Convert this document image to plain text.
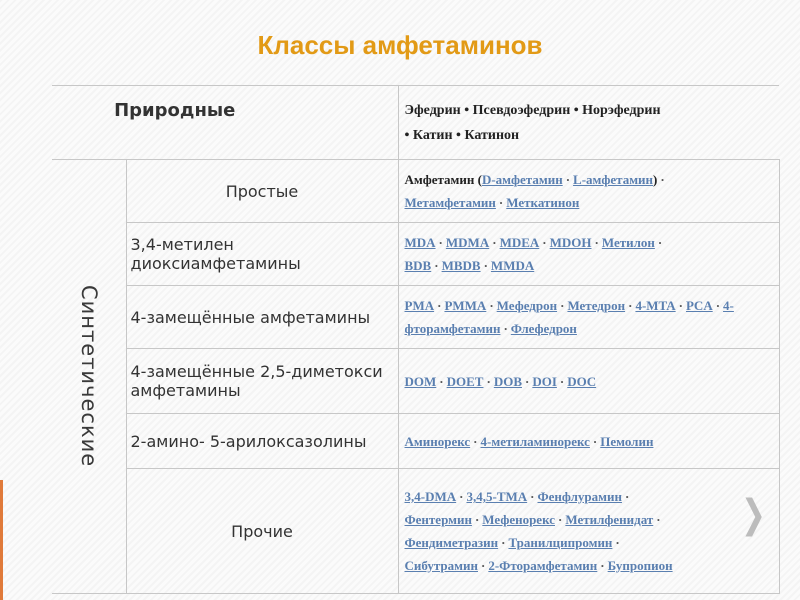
Классы амфетаминов
Природные		Эфедрин • Псевдоэфедрин • Норэфедрин
• Катин • Катинон

Синтетические	Простые	Амфетамин (D-амфетамин · L-амфетамин) ·
Метамфетамин · Меткатинон
	3,4-метилен диоксиамфетамины	MDA · MDMA · MDEA · MDOH · Метилон ·
BDB · MBDB · MMDA
	4-замещённые амфетамины	PMA · PMMA · Мефедрон · Метедрон · 4-MTA · PCA · 4-фторамфетамин · Флефедрон
	4-замещённые 2,5-диметокси амфетамины	DOM · DOET · DOB · DOI · DOC
	2-амино- 5-арилоксазолины	Аминорекс · 4-метиламинорекс · Пемолин
	Прочие	3,4-DMA · 3,4,5-TMA · Фенфлурамин ·
Фентермин · Мефенорекс · Метилфенидат ·
Фендиметразин · Транилципромин ·
Сибутрамин · 2-Фторамфетамин · Бупропион
❯
